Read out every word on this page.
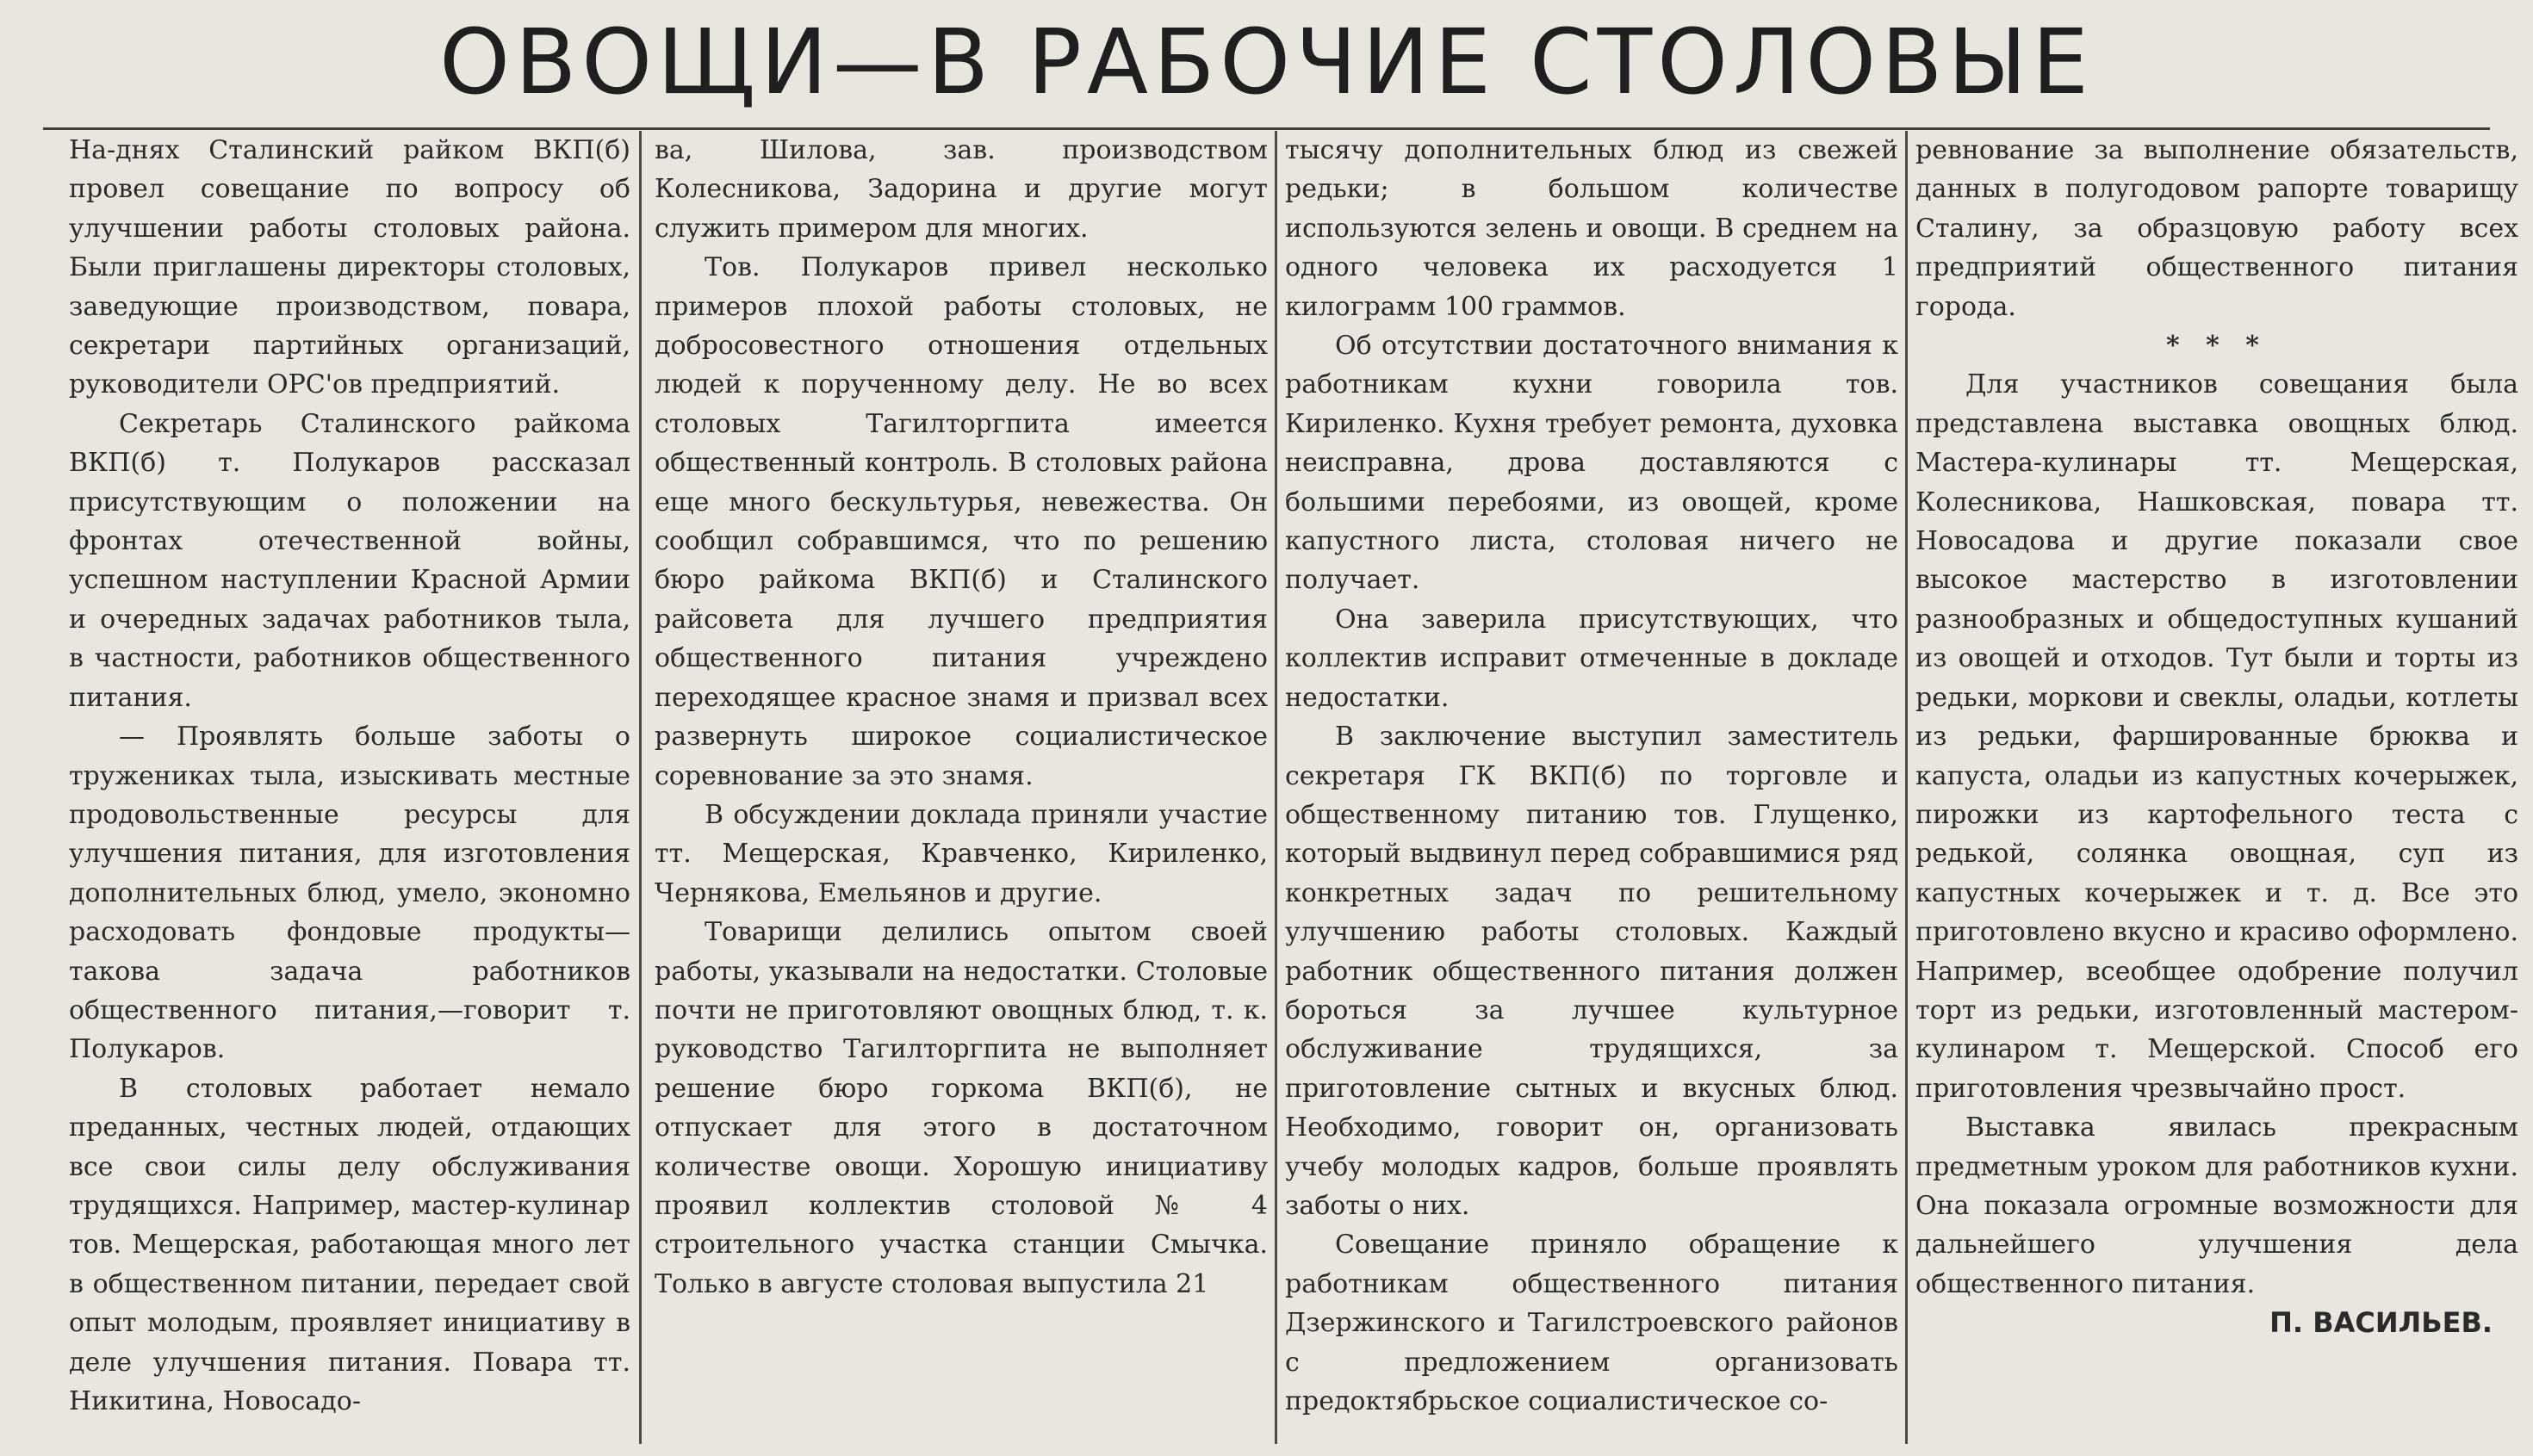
ОВОЩИ—В РАБОЧИЕ СТОЛОВЫЕ

На-днях Сталинский райком ВКП(б) провел совещание по вопросу об улучшении работы столовых района. Были приглашены директоры столовых, заведующие производством, повара, секретари партийных организаций, руководители ОРС'ов предприятий.

Секретарь Сталинского райкома ВКП(б) т. Полукаров рассказал присутствующим о положении на фронтах отечественной войны, успешном наступлении Красной Армии и очередных задачах работников тыла, в частности, работников общественного питания.

— Проявлять больше заботы о тружениках тыла, изыскивать местные продовольственные ресурсы для улучшения питания, для изготовления дополнительных блюд, умело, экономно расходовать фондовые продукты—такова задача работников общественного питания,—говорит т. Полукаров.

В столовых работает немало преданных, честных людей, отдающих все свои силы делу обслуживания трудящихся. Например, мастер-кулинар тов. Мещерская, работающая много лет в общественном питании, передает свой опыт молодым, проявляет инициативу в деле улучшения питания. Повара тт. Никитина, Новосадо-

ва, Шилова, зав. производством Колесникова, Задорина и другие могут служить примером для многих.

Тов. Полукаров привел несколько примеров плохой работы столовых, не добросовестного отношения отдельных людей к порученному делу. Не во всех столовых Тагилторгпита имеется общественный контроль. В столовых района еще много бескультурья, невежества. Он сообщил собравшимся, что по решению бюро райкома ВКП(б) и Сталинского райсовета для лучшего предприятия общественного питания учреждено переходящее красное знамя и призвал всех развернуть широкое социалистическое соревнование за это знамя.

В обсуждении доклада приняли участие тт. Мещерская, Кравченко, Кириленко, Чернякова, Емельянов и другие.

Товарищи делились опытом своей работы, указывали на недостатки. Столовые почти не приготовляют овощных блюд, т. к. руководство Тагилторгпита не выполняет решение бюро горкома ВКП(б), не отпускает для этого в достаточном количестве овощи. Хорошую инициативу проявил коллектив столовой № 4 строительного участка станции Смычка. Только в августе столовая выпустила 21

тысячу дополнительных блюд из свежей редьки; в большом количестве используются зелень и овощи. В среднем на одного человека их расходуется 1 килограмм 100 граммов.

Об отсутствии достаточного внимания к работникам кухни говорила тов. Кириленко. Кухня требует ремонта, духовка неисправна, дрова доставляются с большими перебоями, из овощей, кроме капустного листа, столовая ничего не получает.

Она заверила присутствующих, что коллектив исправит отмеченные в докладе недостатки.

В заключение выступил заместитель секретаря ГК ВКП(б) по торговле и общественному питанию тов. Глущенко, который выдвинул перед собравшимися ряд конкретных задач по решительному улучшению работы столовых. Каждый работник общественного питания должен бороться за лучшее культурное обслуживание трудящихся, за приготовление сытных и вкусных блюд. Необходимо, говорит он, организовать учебу молодых кадров, больше проявлять заботы о них.

Совещание приняло обращение к работникам общественного питания Дзержинского и Тагилстроевского районов с предложением организовать предоктябрьское социалистическое со-

ревнование за выполнение обязательств, данных в полугодовом рапорте товарищу Сталину, за образцовую работу всех предприятий общественного питания города.

* * *

Для участников совещания была представлена выставка овощных блюд. Мастера-кулинары тт. Мещерская, Колесникова, Нашковская, повара тт. Новосадова и другие показали свое высокое мастерство в изготовлении разнообразных и общедоступных кушаний из овощей и отходов. Тут были и торты из редьки, моркови и свеклы, оладьи, котлеты из редьки, фаршированные брюква и капуста, оладьи из капустных кочерыжек, пирожки из картофельного теста с редькой, солянка овощная, суп из капустных кочерыжек и т. д. Все это приготовлено вкусно и красиво оформлено. Например, всеобщее одобрение получил торт из редьки, изготовленный мастером-кулинаром т. Мещерской. Способ его приготовления чрезвычайно прост.

Выставка явилась прекрасным предметным уроком для работников кухни. Она показала огромные возможности для дальнейшего улучшения дела общественного питания.

П. ВАСИЛЬЕВ.
